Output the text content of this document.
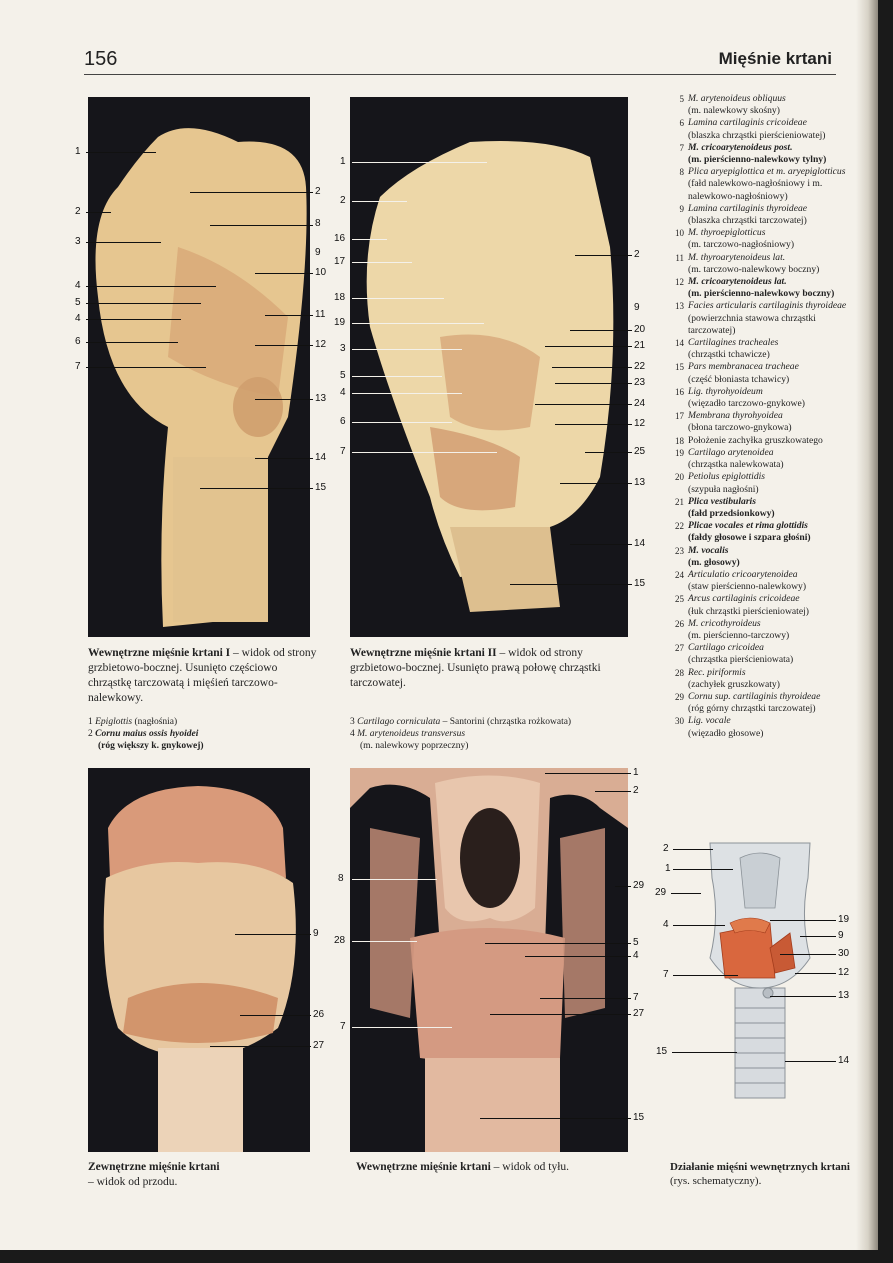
156	Mięśnie krtani
1
2
3
4
5
4
6
7
2
8
9
10
11
12
13
14
15
Wewnętrzne mięśnie krtani I – widok od strony grzbietowo-bocznej. Usunięto częściowo chrząstkę tarczowatą i mięśień tarczowo-nalewkowy.
1 Epiglottis (nagłośnia)
2 Cornu maius ossis hyoidei
(róg większy k. gnykowej)
1
2
16
17
18
19
3
5
4
6
7
2
9
20
21
22
23
24
12
25
13
14
15
Wewnętrzne mięśnie krtani II – widok od strony grzbietowo-bocznej. Usunięto prawą połowę chrząstki tarczowatej.
3 Cartilago corniculata – Santorini (chrząstka rożkowata)
4 M. arytenoideus transversus
(m. nalewkowy poprzeczny)
9
26
27
Zewnętrzne mięśnie krtani
– widok od przodu.
8
28
7
1
2
29
5
4
7
27
15
Wewnętrzne mięśnie krtani – widok od tyłu.
2
1
29
4
7
15
19
9
30
12
13
14
Działanie mięśni wewnętrznych krtani (rys. schematyczny).
5 M. arytenoideus obliquus
(m. nalewkowy skośny)
6 Lamina cartilaginis cricoideae
(blaszka chrząstki pierścieniowatej)
7 M. cricoarytenoideus post.
(m. pierścienno-nalewkowy tylny)
8 Plica aryepiglottica et m. aryepiglotticus
(fałd nalewkowo-nagłośniowy i m. nalewkowo-nagłośniowy)
9 Lamina cartilaginis thyroideae
(blaszka chrząstki tarczowatej)
10 M. thyroepiglotticus
(m. tarczowo-nagłośniowy)
11 M. thyroarytenoideus lat.
(m. tarczowo-nalewkowy boczny)
12 M. cricoarytenoideus lat.
(m. pierścienno-nalewkowy boczny)
13 Facies articularis cartilaginis thyroideae
(powierzchnia stawowa chrząstki tarczowatej)
14 Cartilagines tracheales
(chrząstki tchawicze)
15 Pars membranacea tracheae
(część błoniasta tchawicy)
16 Lig. thyrohyoideum
(więzadło tarczowo-gnykowe)
17 Membrana thyrohyoidea
(błona tarczowo-gnykowa)
18 Położenie zachyłka gruszkowatego
19 Cartilago arytenoidea
(chrząstka nalewkowata)
20 Petiolus epiglottidis
(szypuła nagłośni)
21 Plica vestibularis
(fałd przedsionkowy)
22 Plicae vocales et rima glottidis
(fałdy głosowe i szpara głośni)
23 M. vocalis
(m. głosowy)
24 Articulatio cricoarytenoidea
(staw pierścienno-nalewkowy)
25 Arcus cartilaginis cricoideae
(łuk chrząstki pierścieniowatej)
26 M. cricothyroideus
(m. pierścienno-tarczowy)
27 Cartilago cricoidea
(chrząstka pierścieniowata)
28 Rec. piriformis
(zachyłek gruszkowaty)
29 Cornu sup. cartilaginis thyroideae
(róg górny chrząstki tarczowatej)
30 Lig. vocale
(więzadło głosowe)
